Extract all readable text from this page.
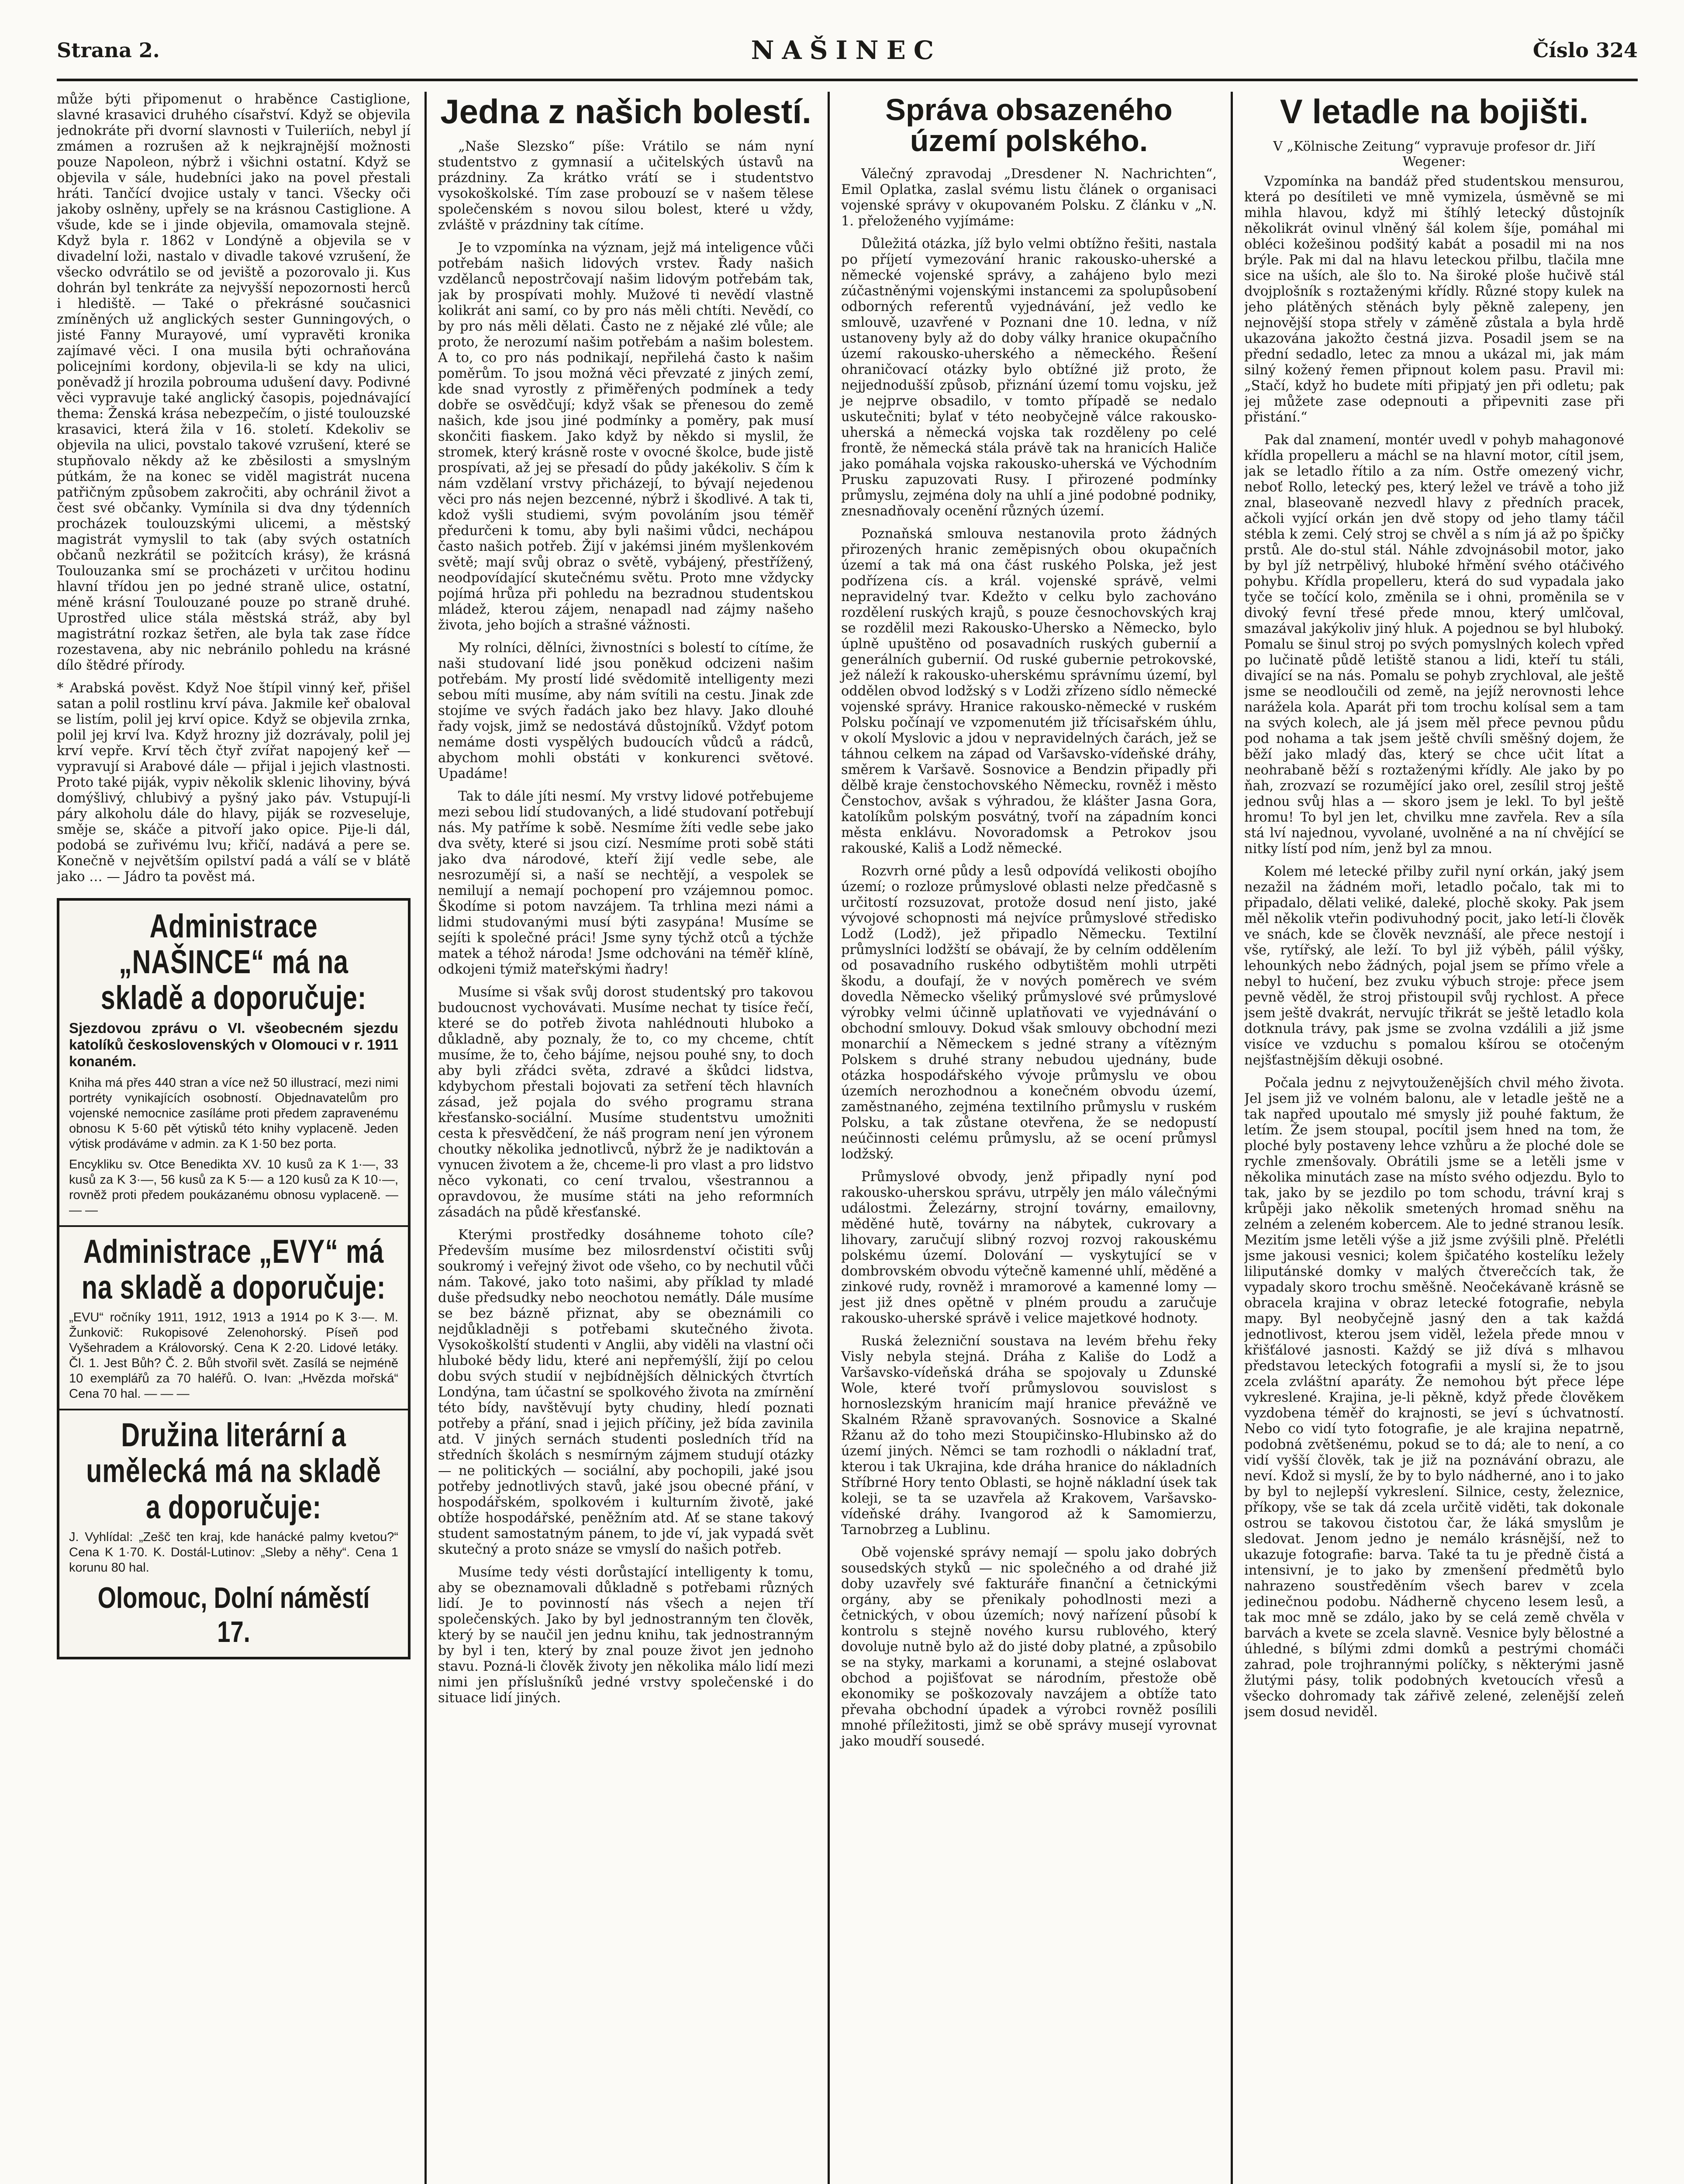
Strana 2.	NAŠINEC	Číslo 324

může býti připomenut o hraběnce Castiglione, slavné krasavici druhého císařství. Když se objevila jednokráte při dvorní slavnosti v Tuileriích, nebyl jí zmámen a rozrušen až k nejkrajnější možnosti pouze Napoleon, nýbrž i všichni ostatní. Když se objevila v sále, hudebníci jako na povel přestali hráti. Tančící dvojice ustaly v tanci. Všecky oči jakoby oslněny, upřely se na krásnou Castiglione. A všude, kde se i jinde objevila, omamovala stejně. Když byla r. 1862 v Londýně a objevila se v divadelní loži, nastalo v divadle takové vzrušení, že všecko odvrátilo se od jeviště a pozorovalo ji. Kus dohrán byl tenkráte za nejvyšší nepozornosti herců i hlediště. — Také o překrásné současnici zmíněných už anglických sester Gunningových, o jisté Fanny Murayové, umí vypravěti kronika zajímavé věci. I ona musila býti ochraňována policejními kordony, objevila-li se kdy na ulici, poněvadž jí hrozila pobrouma udušení davy. Podivné věci vypravuje také anglický časopis, pojednávající thema: Ženská krása nebezpečím, o jisté toulouzské krasavici, která žila v 16. století. Kdekoliv se objevila na ulici, povstalo takové vzrušení, které se stupňovalo někdy až ke zběsilosti a smyslným pútkám, že na konec se viděl magistrát nucena patřičným způsobem zakročiti, aby ochránil život a čest své občanky. Vymínila si dva dny týdenních procházek toulouzskými ulicemi, a městský magistrát vymyslil to tak (aby svých ostatních občanů nezkrátil se požitcích krásy), že krásná Toulouzanka smí se procházeti v určitou hodinu hlavní třídou jen po jedné straně ulice, ostatní, méně krásní Toulouzané pouze po straně druhé. Uprostřed ulice stála městská stráž, aby byl magistrátní rozkaz šetřen, ale byla tak zase řídce rozestavena, aby nic nebránilo pohledu na krásné dílo štědré přírody.

* Arabská pověst. Když Noe štípil vinný keř, přišel satan a polil rostlinu krví páva. Jakmile keř obaloval se listím, polil jej krví opice. Když se objevila zrnka, polil jej krví lva. Když hrozny již dozrávaly, polil jej krví vepře. Krví těch čtyř zvířat napojený keř — vypravují si Arabové dále — přijal i jejich vlastnosti. Proto také piják, vypiv několik sklenic lihoviny, bývá domýšlivý, chlubivý a pyšný jako páv. Vstupují-li páry alkoholu dále do hlavy, piják se rozveseluje, směje se, skáče a pitvoří jako opice. Pije-li dál, podobá se zuřivému lvu; křičí, nadává a pere se. Konečně v největším opilství padá a válí se v blátě jako … — Jádro ta pověst má.

Administrace „NAŠINCE“ má na skladě a doporučuje:

Sjezdovou zprávu o VI. všeobecném sjezdu katolíků československých v Olomouci v r. 1911 konaném.

Kniha má přes 440 stran a více než 50 illustrací, mezi nimi portréty vynikajících osobností. Objednavatelům pro vojenské nemocnice zasíláme proti předem zapravenému obnosu K 5·60 pět výtisků této knihy vyplaceně. Jeden výtisk prodáváme v admin. za K 1·50 bez porta.

Encykliku sv. Otce Benedikta XV. 10 kusů za K 1·—, 33 kusů za K 3·—, 56 kusů za K 5·— a 120 kusů za K 10·—, rovněž proti předem poukázanému obnosu vyplaceně. — — —

Administrace „EVY“ má na skladě a doporučuje:

„EVU“ ročníky 1911, 1912, 1913 a 1914 po K 3·—. M. Žunkovič: Rukopisové Zelenohorský. Píseň pod Vyšehradem a Královorský. Cena K 2·20. Lidové letáky. Čl. 1. Jest Bůh? Č. 2. Bůh stvořil svět. Zasílá se nejméně 10 exemplářů za 70 haléřů. O. Ivan: „Hvězda mořská“ Cena 70 hal. — — —

Družina literární a umělecká má na skladě a doporučuje:

J. Vyhlídal: „Zešč ten kraj, kde hanácké palmy kvetou?“ Cena K 1·70. K. Dostál-Lutinov: „Sleby a něhy“. Cena 1 korunu 80 hal.

Olomouc, Dolní náměstí 17.
Jedna z našich bolestí.

„Naše Slezsko“ píše: Vrátilo se nám nyní studentstvo z gymnasií a učitelských ústavů na prázdniny. Za krátko vrátí se i studentstvo vysokoškolské. Tím zase probouzí se v našem tělese společenském s novou silou bolest, které u vždy, zvláště v prázdniny tak cítíme.

Je to vzpomínka na význam, jejž má inteligence vůči potřebám našich lidových vrstev. Řady našich vzdělanců nepostrčovají našim lidovým potřebám tak, jak by prospívati mohly. Mužové ti nevědí vlastně kolikrát ani samí, co by pro nás měli chtíti. Nevědí, co by pro nás měli dělati. Často ne z nějaké zlé vůle; ale proto, že nerozumí našim potřebám a našim bolestem. A to, co pro nás podnikají, nepřilehá často k našim poměrům. To jsou možná věci převzaté z jiných zemí, kde snad vyrostly z přiměřených podmínek a tedy dobře se osvědčují; když však se přenesou do země našich, kde jsou jiné podmínky a poměry, pak musí skončiti fiaskem. Jako když by někdo si myslil, že stromek, který krásně roste v ovocné školce, bude jistě prospívati, až jej se přesadí do půdy jakékoliv. S čím k nám vzdělaní vrstvy přicházejí, to bývají nejedenou věci pro nás nejen bezcenné, nýbrž i škodlivé. A tak ti, kdož vyšli studiemi, svým povoláním jsou téměř předurčeni k tomu, aby byli našimi vůdci, nechápou často našich potřeb. Žijí v jakémsi jiném myšlenkovém světě; mají svůj obraz o světě, vybájený, přestřížený, neodpovídající skutečnému světu. Proto mne vždycky pojímá hrůza při pohledu na bezradnou studentskou mládež, kterou zájem, nenapadl nad zájmy našeho života, jeho bojích a strašné vážnosti.

My rolníci, dělníci, živnostníci s bolestí to cítíme, že naši studovaní lidé jsou poněkud odcizeni našim potřebám. My prostí lidé svědomitě intelligenty mezi sebou míti musíme, aby nám svítili na cestu. Jinak zde stojíme ve svých řadách jako bez hlavy. Jako dlouhé řady vojsk, jimž se nedostává důstojníků. Vždyť potom nemáme dosti vyspělých budoucích vůdců a rádců, abychom mohli obstáti v konkurenci světové. Upadáme!

Tak to dále jíti nesmí. My vrstvy lidové potřebujeme mezi sebou lidí studovaných, a lidé studovaní potřebují nás. My patříme k sobě. Nesmíme žíti vedle sebe jako dva světy, které si jsou cizí. Nesmíme proti sobě státi jako dva národové, kteří žijí vedle sebe, ale nesrozumějí si, a naší se nechtějí, a vespolek se nemilují a nemají pochopení pro vzájemnou pomoc. Škodíme si potom navzájem. Ta trhlina mezi námi a lidmi studovanými musí býti zasypána! Musíme se sejíti k společné práci! Jsme syny týchž otců a týchže matek a téhož národa! Jsme odchováni na téměř klíně, odkojeni týmiž mateřskými ňadry!

Musíme si však svůj dorost studentský pro takovou budoucnost vychovávati. Musíme nechat ty tisíce řečí, které se do potřeb života nahlédnouti hluboko a důkladně, aby poznaly, že to, co my chceme, chtít musíme, že to, čeho bájíme, nejsou pouhé sny, to doch aby byli zřádci světa, zdravé a škůdci lidstva, kdybychom přestali bojovati za setření těch hlavních zásad, jež pojala do svého programu strana křesťansko-sociální. Musíme studentstvu umožniti cesta k přesvědčení, že náš program není jen výronem choutky několika jednotlivců, nýbrž že je nadiktován a vynucen životem a že, chceme-li pro vlast a pro lidstvo něco vykonati, co cení trvalou, všestrannou a opravdovou, že musíme státi na jeho reformních zásadách na půdě křesťanské.

Kterými prostředky dosáhneme tohoto cíle? Především musíme bez milosrdenství očistiti svůj soukromý i veřejný život ode všeho, co by nechutil vůči nám. Takové, jako toto našimi, aby příklad ty mladé duše předsudky nebo neochotou nemátly. Dále musíme se bez bázně přiznat, aby se obeznámili co nejdůkladněji s potřebami skutečného života. Vysokoškolští studenti v Anglii, aby viděli na vlastní oči hluboké bědy lidu, které ani nepřemýšlí, žijí po celou dobu svých studií v nejbídnějších dělnických čtvrtích Londýna, tam účastní se spolkového života na zmírnění této bídy, navštěvují byty chudiny, hledí poznati potřeby a přání, snad i jejich příčiny, jež bída zavinila atd. V jiných sernách studenti posledních tříd na středních školách s nesmírným zájmem studují otázky — ne politických — sociální, aby pochopili, jaké jsou potřeby jednotlivých stavů, jaké jsou obecné přání, v hospodářském, spolkovém i kulturním životě, jaké obtíže hospodářské, peněžním atd. Ať se stane takový student samostatným pánem, to jde ví, jak vypadá svět skutečný a proto snáze se vmyslí do našich potřeb.

Musíme tedy vésti dorůstající intelligenty k tomu, aby se obeznamovali důkladně s potřebami různých lidí. Je to povinností nás všech a nejen tří společenských. Jako by byl jednostranným ten člověk, který by se naučil jen jednu knihu, tak jednostranným by byl i ten, který by znal pouze život jen jednoho stavu. Pozná-li člověk životy jen několika málo lidí mezi nimi jen příslušníků jedné vrstvy společenské i do situace lidí jiných.

Správa obsazeného území polského.

Válečný zpravodaj „Dresdener N. Nachrichten“, Emil Oplatka, zaslal svému listu článek o organisaci vojenské správy v okupovaném Polsku. Z článku v „N. 1. přeloženého vyjímáme:

Důležitá otázka, jíž bylo velmi obtížno řešiti, nastala po příjetí vymezování hranic rakousko-uherské a německé vojenské správy, a zahájeno bylo mezi zúčastněnými vojenskými instancemi za spolupůsobení odborných referentů vyjednávání, jež vedlo ke smlouvě, uzavřené v Poznani dne 10. ledna, v níž ustanoveny byly až do doby války hranice okupačního území rakousko-uherského a německého. Řešení ohraničovací otázky bylo obtížné již proto, že nejjednodušší způsob, přiznání území tomu vojsku, jež je nejprve obsadilo, v tomto případě se nedalo uskutečniti; bylať v této neobyčejně válce rakousko-uherská a německá vojska tak rozděleny po celé frontě, že německá stála právě tak na hranicích Haliče jako pomáhala vojska rakousko-uherská ve Východním Prusku zapuzovati Rusy. I přirozené podmínky průmyslu, zejména doly na uhlí a jiné podobné podniky, znesnadňovaly ocenění různých území.

Poznaňská smlouva nestanovila proto žádných přirozených hranic zeměpisných obou okupačních území a tak má ona část ruského Polska, jež jest podřízena cís. a král. vojenské správě, velmi nepravidelný tvar. Kdežto v celku bylo zachováno rozdělení ruských krajů, s pouze česnochovských kraj se rozdělil mezi Rakousko-Uhersko a Německo, bylo úplně upuštěno od posavadních ruských gubernií a generálních gubernií. Od ruské gubernie petrokovské, jež náleží k rakousko-uherskému správnímu území, byl oddělen obvod lodžský s v Lodži zřízeno sídlo německé vojenské správy. Hranice rakousko-německé v ruském Polsku počínají ve vzpomenutém již třícisařském úhlu, v okolí Myslovic a jdou v nepravidelných čarách, jež se táhnou celkem na západ od Varšavsko-vídeňské dráhy, směrem k Varšavě. Sosnovice a Bendzin připadly při dělbě kraje čenstochovského Německu, rovněž i město Čenstochov, avšak s výhradou, že klášter Jasna Gora, katolíkům polským posvátný, tvoří na západním konci města enklávu. Novoradomsk a Petrokov jsou rakouské, Kališ a Lodž německé.

Rozvrh orné půdy a lesů odpovídá velikosti obojího území; o rozloze průmyslové oblasti nelze předčasně s určitostí rozsuzovat, protože dosud není jisto, jaké vývojové schopnosti má nejvíce průmyslové středisko Lodž (Lodž), jež připadlo Německu. Textilní průmyslníci lodžští se obávají, že by celním oddělením od posavadního ruského odbytištěm mohli utrpěti škodu, a doufají, že v nových poměrech ve svém dovedla Německo všeliký průmyslové své průmyslové výrobky velmi účinně uplatňovati ve vyjednávání o obchodní smlouvy. Dokud však smlouvy obchodní mezi monarchií a Německem s jedné strany a vítězným Polskem s druhé strany nebudou ujednány, bude otázka hospodářského vývoje průmyslu ve obou územích nerozhodnou a konečném obvodu území, zaměstnaného, zejména textilního průmyslu v ruském Polsku, a tak zůstane otevřena, že se nedopustí neúčinnosti celému průmyslu, až se ocení průmysl lodžský.

Průmyslové obvody, jenž připadly nyní pod rakousko-uherskou správu, utrpěly jen málo válečnými událostmi. Železárny, strojní továrny, emailovny, měděné hutě, továrny na nábytek, cukrovary a lihovary, zaručují slibný rozvoj rozvoj rakouskému polskému území. Dolování — vyskytující se v dombrovském obvodu výtečně kamenné uhlí, měděné a zinkové rudy, rovněž i mramorové a kamenné lomy — jest již dnes opětně v plném proudu a zaručuje rakousko-uherské správě i velice majetkové hodnoty.

Ruská železniční soustava na levém břehu řeky Visly nebyla stejná. Dráha z Kališe do Lodž a Varšavsko-vídeňská dráha se spojovaly u Zdunské Wole, které tvoří průmyslovou souvislost s hornoslezským hranicím mají hranice převážně ve Skalném Ržaně spravovaných. Sosnovice a Skalné Ržanu až do toho mezi Stoupičinsko-Hlubinsko až do území jiných. Němci se tam rozhodli o nákladní trať, kterou i tak Ukrajina, kde dráha hranice do nákladních Stříbrné Hory tento Oblasti, se hojně nákladní úsek tak koleji, se ta se uzavřela až Krakovem, Varšavsko-vídeňské dráhy. Ivangorod až k Samomierzu, Tarnobrzeg a Lublinu.

Obě vojenské správy nemají — spolu jako dobrých sousedských styků — nic společného a od drahé již doby uzavřely své fakturáře finanční a četnickými orgány, aby se přenikaly pohodlnosti mezi a četnických, v obou územích; nový nařízení působí k kontrolu s stejně nového kursu rublového, který dovoluje nutně bylo až do jisté doby platné, a způsobilo se na styky, markami a korunami, a stejné oslabovat obchod a pojišťovat se národním, přestože obě ekonomiky se poškozovaly navzájem a obtíže tato převaha obchodní úpadek a výrobci rovněž posílili mnohé příležitosti, jimž se obě správy musejí vyrovnat jako moudří sousedé.

V letadle na bojišti.
V „Kölnische Zeitung“ vypravuje profesor dr. Jiří Wegener:

Vzpomínka na bandáž před studentskou mensurou, která po desítileti ve mně vymizela, úsměvně se mi mihla hlavou, když mi štíhlý letecký důstojník několikrát ovinul vlněný šál kolem šíje, pomáhal mi obléci kožešinou podšitý kabát a posadil mi na nos brýle. Pak mi dal na hlavu leteckou přilbu, tlačila mne sice na uších, ale šlo to. Na široké ploše hučivě stál dvojplošník s roztaženými křídly. Různé stopy kulek na jeho plátěných stěnách byly pěkně zalepeny, jen nejnovější stopa střely v záměně zůstala a byla hrdě ukazována jakožto čestná jizva. Posadil jsem se na přední sedadlo, letec za mnou a ukázal mi, jak mám silný kožený řemen připnout kolem pasu. Pravil mi: „Stačí, když ho budete míti připjatý jen při odletu; pak jej můžete zase odepnouti a připevniti zase při přistání.“

Pak dal znamení, montér uvedl v pohyb mahagonové křídla propelleru a máchl se na hlavní motor, cítil jsem, jak se letadlo řítilo a za ním. Ostře omezený vichr, neboť Rollo, letecký pes, který ležel ve trávě a toho již znal, blaseovaně nezvedl hlavy z předních pracek, ačkoli vyjící orkán jen dvě stopy od jeho tlamy táčil stébla k zemi. Celý stroj se chvěl a s ním já až po špičky prstů. Ale do-stul stál. Náhle zdvojnásobil motor, jako by byl jíž netrpělivý, hluboké hřmění svého otáčivého pohybu. Křídla propelleru, která do sud vypadala jako tyče se točící kolo, změnila se i ohni, proměnila se v divoký fevní třesé přede mnou, který umlčoval, smazával jakýkoliv jiný hluk. A pojednou se byl hluboký. Pomalu se šinul stroj po svých pomyslných kolech vpřed po lučinatě půdě letiště stanou a lidi, kteří tu stáli, divající se na nás. Pomalu se pohyb zrychloval, ale ještě jsme se neodloučili od země, na jejíž nerovnosti lehce narážela kola. Aparát při tom trochu kolísal sem a tam na svých kolech, ale já jsem měl přece pevnou půdu pod nohama a tak jsem ještě chvíli směšný dojem, že běží jako mladý ďas, který se chce učit lítat a neohrabaně běží s roztaženými křídly. Ale jako by po ňah, zrozvazí se rozumějící jako orel, zesílil stroj ještě jednou svůj hlas a — skoro jsem je lekl. To byl ještě hromu! To byl jen let, chvilku mne zavřela. Rev a síla stá lví najednou, vyvolané, uvolněné a na ní chvějící se nitky lístí pod ním, jenž byl za mnou.

Kolem mé letecké přilby zuřil nyní orkán, jaký jsem nezažil na žádném moři, letadlo počalo, tak mi to připadalo, dělati veliké, daleké, plochě skoky. Pak jsem měl několik vteřin podivuhodný pocit, jako letí-li člověk ve snách, kde se člověk nevznáší, ale přece nestojí i vše, rytířský, ale leží. To byl již výběh, pálil výšky, lehounkých nebo žádných, pojal jsem se přímo vřele a nebyl to hučení, bez zvuku výbuch stroje: přece jsem pevně věděl, že stroj přistoupil svůj rychlost. A přece jsem ještě dvakrát, nervujíc třikrát se ještě letadlo kola dotknula trávy, pak jsme se zvolna vzdálili a již jsme visíce ve vzduchu s pomalou kšírou se otočeným nejšťastnějším děkuji osobné.

Počala jednu z nejvytouženějších chvil mého života. Jel jsem již ve volném balonu, ale v letadle ještě ne a tak napřed upoutalo mé smysly již pouhé faktum, že letím. Že jsem stoupal, pocítil jsem hned na tom, že ploché byly postaveny lehce vzhůru a že ploché dole se rychle zmenšovaly. Obrátili jsme se a letěli jsme v několika minutách zase na místo svého odjezdu. Bylo to tak, jako by se jezdilo po tom schodu, trávní kraj s krůpěji jako několik smetených hromad sněhu na zelném a zeleném kobercem. Ale to jedné stranou lesík. Mezitím jsme letěli výše a již jsme zvýšili plně. Přelétli jsme jakousi vesnici; kolem špičatého kostelíku ležely liliputánské domky v malých čtverečcích tak, že vypadaly skoro trochu směšně. Neočekávaně krásně se obracela krajina v obraz letecké fotografie, nebyla mapy. Byl neobyčejně jasný den a tak každá jednotlivost, kterou jsem viděl, ležela přede mnou v křišťálové jasnosti. Každý se již dívá s mlhavou představou leteckých fotografii a myslí si, že to jsou zcela zvláštní aparáty. Že nemohou být přece lépe vykreslené. Krajina, je-li pěkně, když přede člověkem vyzdobena téměř do krajnosti, se jeví s úchvatností. Nebo co vidí tyto fotografie, je ale krajina nepatrně, podobná zvětšenému, pokud se to dá; ale to není, a co vidí vyšší člověk, tak je již na poznávání obrazu, ale neví. Kdož si myslí, že by to bylo nádherné, ano i to jako by byl to nejlepší vykreslení. Silnice, cesty, železnice, příkopy, vše se tak dá zcela určitě viděti, tak dokonale ostrou se takovou čistotou čar, že láká smyslům je sledovat. Jenom jedno je nemálo krásnější, než to ukazuje fotografie: barva. Také ta tu je předně čistá a intensivní, je to jako by zmenšení předmětů bylo nahrazeno soustředěním všech barev v zcela jedinečnou podobu. Nádherně chyceno lesem lesů, a tak moc mně se zdálo, jako by se celá země chvěla v barvách a kvete se zcela slavně. Vesnice byly bělostné a úhledné, s bílými zdmi domků a pestrými chomáči zahrad, pole trojhrannými políčky, s některými jasně žlutými pásy, tolik podobných kvetoucích vřesů a všecko dohromady tak zářivě zelené, zelenější zeleň jsem dosud neviděl.
